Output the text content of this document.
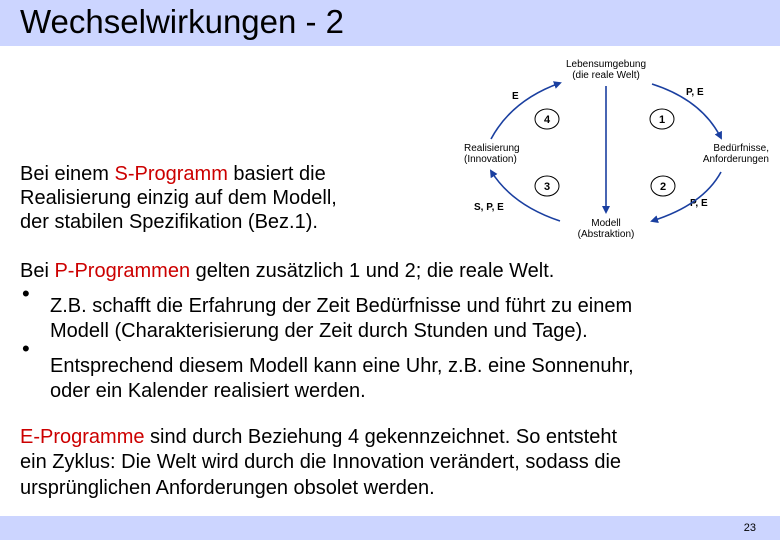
Wechselwirkungen - 2
Bei einem S-Programm basiert die
Realisierung einzig auf dem Modell,
der stabilen Spezifikation (Bez.1).
Lebensumgebung
(die reale Welt)
Modell
(Abstraktion)
Realisierung
(Innovation)
Bedürfnisse,
Anforderungen
E	P, E
S, P, E	P, E
4	1
3	2
Bei P-Programmen gelten zusätzlich 1 und 2; die reale Welt.
• Z.B. schafft die Erfahrung der Zeit Bedürfnisse und führt zu einem
Modell (Charakterisierung der Zeit durch Stunden und Tage).
•
Entsprechend diesem Modell kann eine Uhr, z.B. eine Sonnenuhr,
oder ein Kalender realisiert werden.
E-Programme sind durch Beziehung 4 gekennzeichnet. So entsteht
ein Zyklus: Die Welt wird durch die Innovation verändert, sodass die
ursprünglichen Anforderungen obsolet werden.
23
